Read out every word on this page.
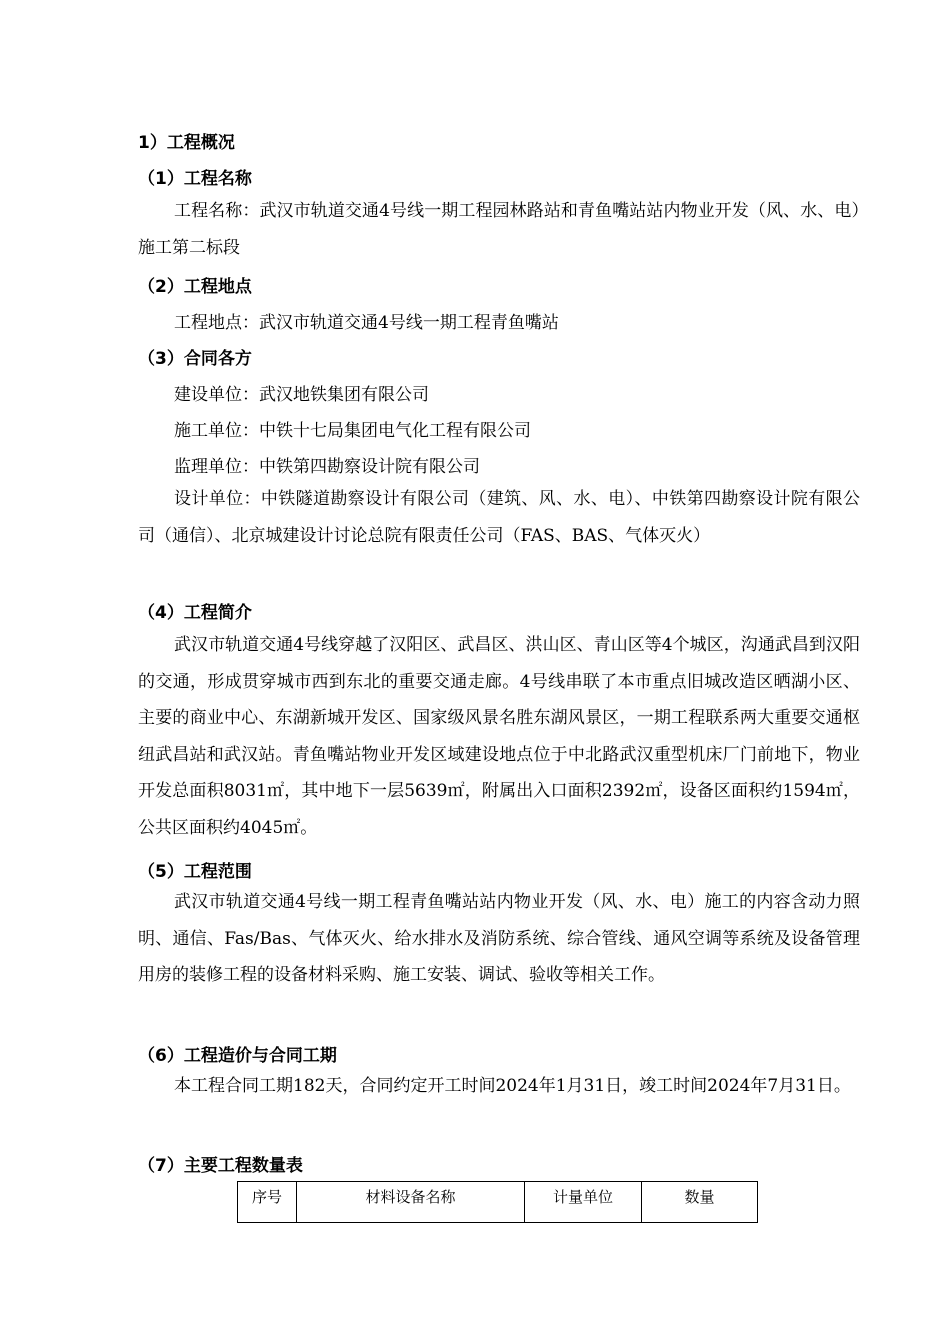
1）工程概况
（1）工程名称

工程名称：武汉市轨道交通4号线一期工程园林路站和青鱼嘴站站内物业开发（风、水、电）施工第二标段

（2）工程地点
工程地点：武汉市轨道交通4号线一期工程青鱼嘴站
（3）合同各方
建设单位：武汉地铁集团有限公司
施工单位：中铁十七局集团电气化工程有限公司
监理单位：中铁第四勘察设计院有限公司

设计单位：中铁隧道勘察设计有限公司（建筑、风、水、电）、中铁第四勘察设计院有限公司（通信）、北京城建设计讨论总院有限责任公司（FAS、BAS、气体灭火）

（4）工程简介

武汉市轨道交通4号线穿越了汉阳区、武昌区、洪山区、青山区等4个城区，沟通武昌到汉阳的交通，形成贯穿城市西到东北的重要交通走廊。4号线串联了本市重点旧城改造区晒湖小区、主要的商业中心、东湖新城开发区、国家级风景名胜东湖风景区，一期工程联系两大重要交通枢纽武昌站和武汉站。青鱼嘴站物业开发区域建设地点位于中北路武汉重型机床厂门前地下，物业开发总面积8031㎡，其中地下一层5639㎡，附属出入口面积2392㎡，设备区面积约1594㎡，公共区面积约4045㎡。

（5）工程范围

武汉市轨道交通4号线一期工程青鱼嘴站站内物业开发（风、水、电）施工的内容含动力照明、通信、Fas/Bas、气体灭火、给水排水及消防系统、综合管线、通风空调等系统及设备管理用房的装修工程的设备材料采购、施工安装、调试、验收等相关工作。

（6）工程造价与合同工期

本工程合同工期182天，合同约定开工时间2024年1月31日，竣工时间2024年7月31日。

（7）主要工程数量表
序号	材料设备名称	计量单位	数量
